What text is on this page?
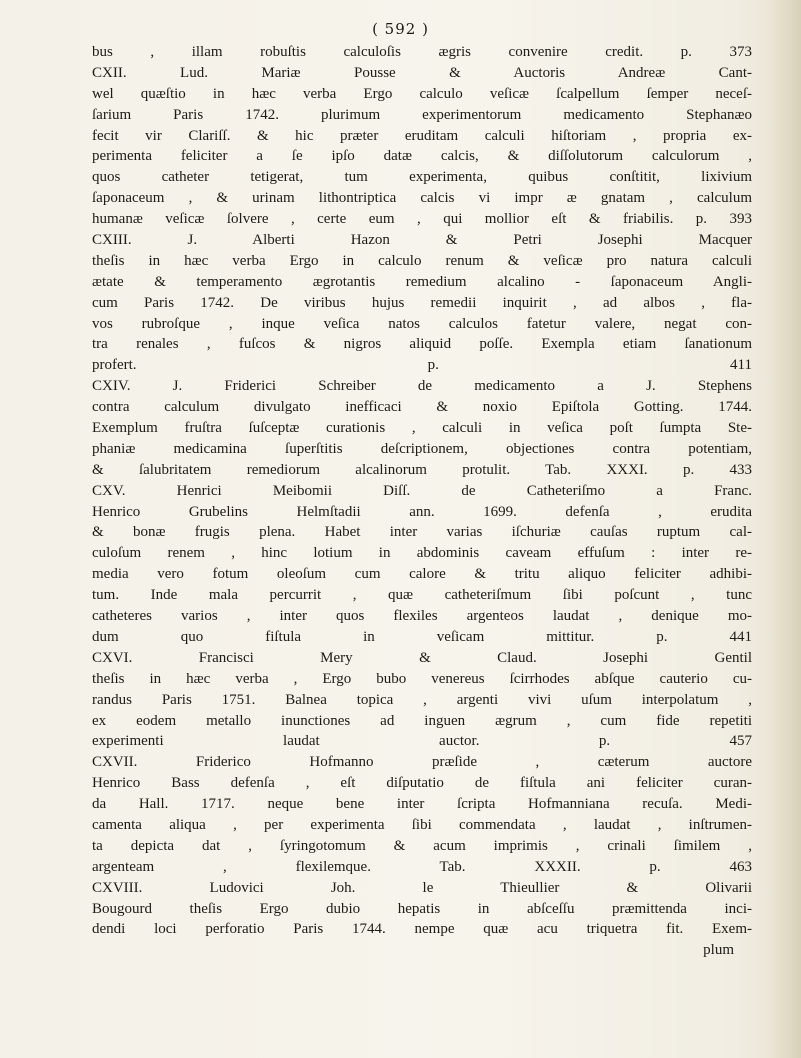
( 592 )
bus , illam robuſtis calculoſis ægris convenire credit. p. 373
CXII. Lud. Mariæ Pousse & Auctoris Andreæ Cant-
wel quæſtio in hæc verba Ergo calculo veſicæ ſcalpellum ſemper neceſ-
ſarium Paris 1742. plurimum experimentorum medicamento Stephanæo
fecit vir Clariſſ. & hic præter eruditam calculi hiſtoriam , propria ex-
perimenta feliciter a ſe ipſo datæ calcis, & diſſolutorum calculorum ,
quos catheter tetigerat, tum experimenta, quibus conſtitit, lixivium
ſaponaceum , & urinam lithontriptica calcis vi impr æ gnatam , calculum
humanæ veſicæ ſolvere , certe eum , qui mollior eſt & friabilis. p. 393
CXIII. J. Alberti Hazon & Petri Josephi Macquer
theſis in hæc verba Ergo in calculo renum & veſicæ pro natura calculi
ætate & temperamento ægrotantis remedium alcalino - ſaponaceum Angli-
cum Paris 1742. De viribus hujus remedii inquirit , ad albos , fla-
vos rubroſque , inque veſica natos calculos fatetur valere, negat con-
tra renales , fuſcos & nigros aliquid poſſe. Exempla etiam ſanationum
profert. p. 411
CXIV. J. Friderici Schreiber de medicamento a J. Stephens
contra calculum divulgato inefficaci & noxio Epiſtola Gotting. 1744.
Exemplum fruſtra ſuſceptæ curationis , calculi in veſica poſt ſumpta Ste-
phaniæ medicamina ſuperſtitis deſcriptionem, objectiones contra potentiam,
& ſalubritatem remediorum alcalinorum protulit. Tab. XXXI. p. 433
CXV. Henrici Meibomii Diſſ. de Catheteriſmo a Franc.
Henrico Grubelins Helmſtadii ann. 1699. defenſa , erudita
& bonæ frugis plena. Habet inter varias iſchuriæ cauſas ruptum cal-
culoſum renem , hinc lotium in abdominis caveam effuſum : inter re-
media vero fotum oleoſum cum calore & tritu aliquo feliciter adhibi-
tum. Inde mala percurrit , quæ catheteriſmum ſibi poſcunt , tunc
catheteres varios , inter quos flexiles argenteos laudat , denique mo-
dum quo fiſtula in veſicam mittitur. p. 441
CXVI. Francisci Mery & Claud. Josephi Gentil
theſis in hæc verba , Ergo bubo venereus ſcirrhodes abſque cauterio cu-
randus Paris 1751. Balnea topica , argenti vivi uſum interpolatum ,
ex eodem metallo inunctiones ad inguen ægrum , cum fide repetiti
experimenti laudat auctor. p. 457
CXVII. Friderico Hofmanno præſide , cæterum auctore
Henrico Bass defenſa , eſt diſputatio de fiſtula ani feliciter curan-
da Hall. 1717. neque bene inter ſcripta Hofmanniana recuſa. Medi-
camenta aliqua , per experimenta ſibi commendata , laudat , inſtrumen-
ta depicta dat , ſyringotomum & acum imprimis , crinali ſimilem ,
argenteam , flexilemque. Tab. XXXII. p. 463
CXVIII. Ludovici Joh. le Thieullier & Olivarii
Bougourd theſis Ergo dubio hepatis in abſceſſu præmittenda inci-
dendi loci perforatio Paris 1744. nempe quæ acu triquetra fit. Exem-
plum
